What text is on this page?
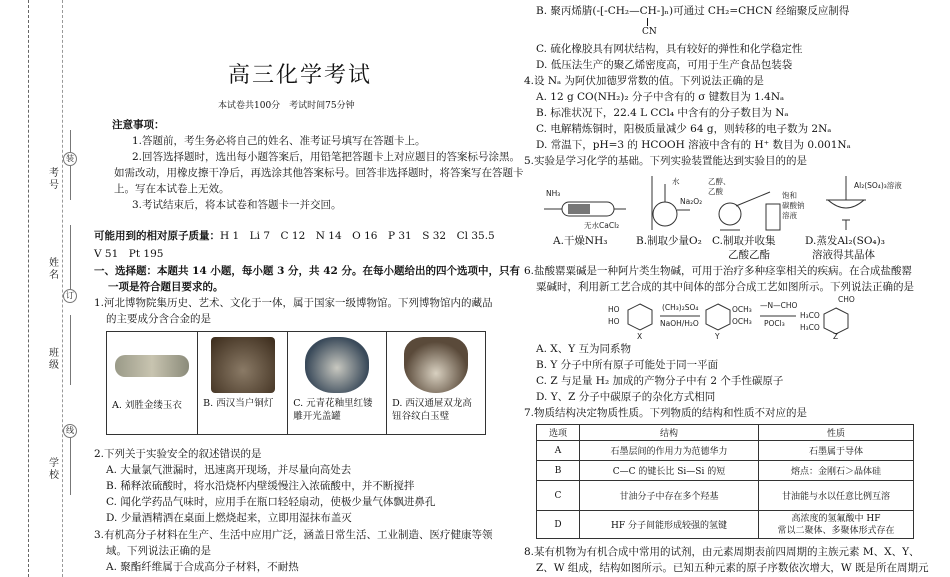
考号
姓名
班级
学校
装
订
线
高三化学考试
本试卷共100分　考试时间75分钟
注意事项：
1.答题前，考生务必将自己的姓名、准考证号填写在答题卡上。
2.回答选择题时，选出每小题答案后，用铅笔把答题卡上对应题目的答案标号涂黑。
如需改动，用橡皮擦干净后，再选涂其他答案标号。回答非选择题时，将答案写在答题卡
上。写在本试卷上无效。
3.考试结束后，将本试卷和答题卡一并交回。
可能用到的相对原子质量：H 1　Li 7　C 12　N 14　O 16　P 31　S 32　Cl 35.5
V 51　Pt 195
一、选择题：本题共 14 小题，每小题 3 分，共 42 分。在每小题给出的四个选项中，只有
一项是符合题目要求的。
1.河北博物院集历史、艺术、文化于一体，属于国家一级博物馆。下列博物馆内的藏品
的主要成分含合金的是
A. 刘胜金缕玉衣	B. 西汉当户铜灯	C. 元青花釉里红镂雕开光盖罐

D. 西汉通屉双龙高钮谷纹白玉璧
2.下列关于实验安全的叙述错误的是
A. 大量氯气泄漏时，迅速离开现场，并尽量向高处去
B. 稀释浓硫酸时，将水沿烧杯内壁缓慢注入浓硫酸中，并不断搅拌
C. 闻化学药品气味时，应用手在瓶口轻轻扇动，使极少量气体飘进鼻孔
D. 少量酒精洒在桌面上燃烧起来，立即用湿抹布盖灭
3.有机高分子材料在生产、生活中应用广泛，涵盖日常生活、工业制造、医疗健康等领
域。下列说法正确的是
A. 聚酯纤维属于合成高分子材料，不耐热
B. 聚丙烯腈(-[-CH₂—CH-]ₙ)可通过 CH₂=CHCN 经缩聚反应制得
CN
C. 硫化橡胶具有网状结构，具有较好的弹性和化学稳定性
D. 低压法生产的聚乙烯密度高，可用于生产食品包装袋
4.设 Nₐ 为阿伏加德罗常数的值。下列说法正确的是
A. 12 g CO(NH₂)₂ 分子中含有的 σ 键数目为 1.4Nₐ
B. 标准状况下，22.4 L CCl₄ 中含有的分子数目为 Nₐ
C. 电解精炼铜时，阳极质量减少 64 g，则转移的电子数为 2Nₐ
D. 常温下，pH=3 的 HCOOH 溶液中含有的 H⁺ 数目为 0.001Nₐ
5.实验是学习化学的基础。下列实验装置能达到实验目的的是
NH₃
无水CaCl₂
水
Na₂O₂
乙醇、
乙酸	饱和
碳酸钠
溶液
Al₂(SO₄)₃溶液
A.干燥NH₃	B.制取少量O₂ C.制取并收集	D.蒸发Al₂(SO₄)₃
乙酸乙酯	溶液得其晶体
6.盐酸罂粟碱是一种阿片类生物碱，可用于治疗多种痉挛相关的疾病。在合成盐酸罂
粟碱时，利用新工艺合成的其中间体的部分合成工艺如图所示。下列说法正确的是
HO
HO
(CH₃)₂SO₄
NaOH/H₂O
OCH₃
OCH₃
—N—CHO
POCl₃
H₃CO
H₃CO
CHO
X	Y	Z
A. X、Y 互为同系物
B. Y 分子中所有原子可能处于同一平面
C. Z 与足量 H₂ 加成的产物分子中有 2 个手性碳原子
D. Y、Z 分子中碳原子的杂化方式相同
7.物质结构决定物质性质。下列物质的结构和性质不对应的是
选项	结构	性质
A	石墨层间的作用力为范德华力	石墨属于导体
B	C—C 的键长比 Si—Si 的短	熔点：金刚石＞晶体硅
C	甘油分子中存在多个羟基	甘油能与水以任意比例互溶
D	HF 分子间能形成较强的氢键	高浓度的氢氟酸中 HF
常以二聚体、多聚体形式存在
8.某有机物为有机合成中常用的试剂，由元素周期表前四周期的主族元素 M、X、Y、
Z、W 组成，结构如图所示。已知五种元素的原子序数依次增大，W 既是所在周期元
